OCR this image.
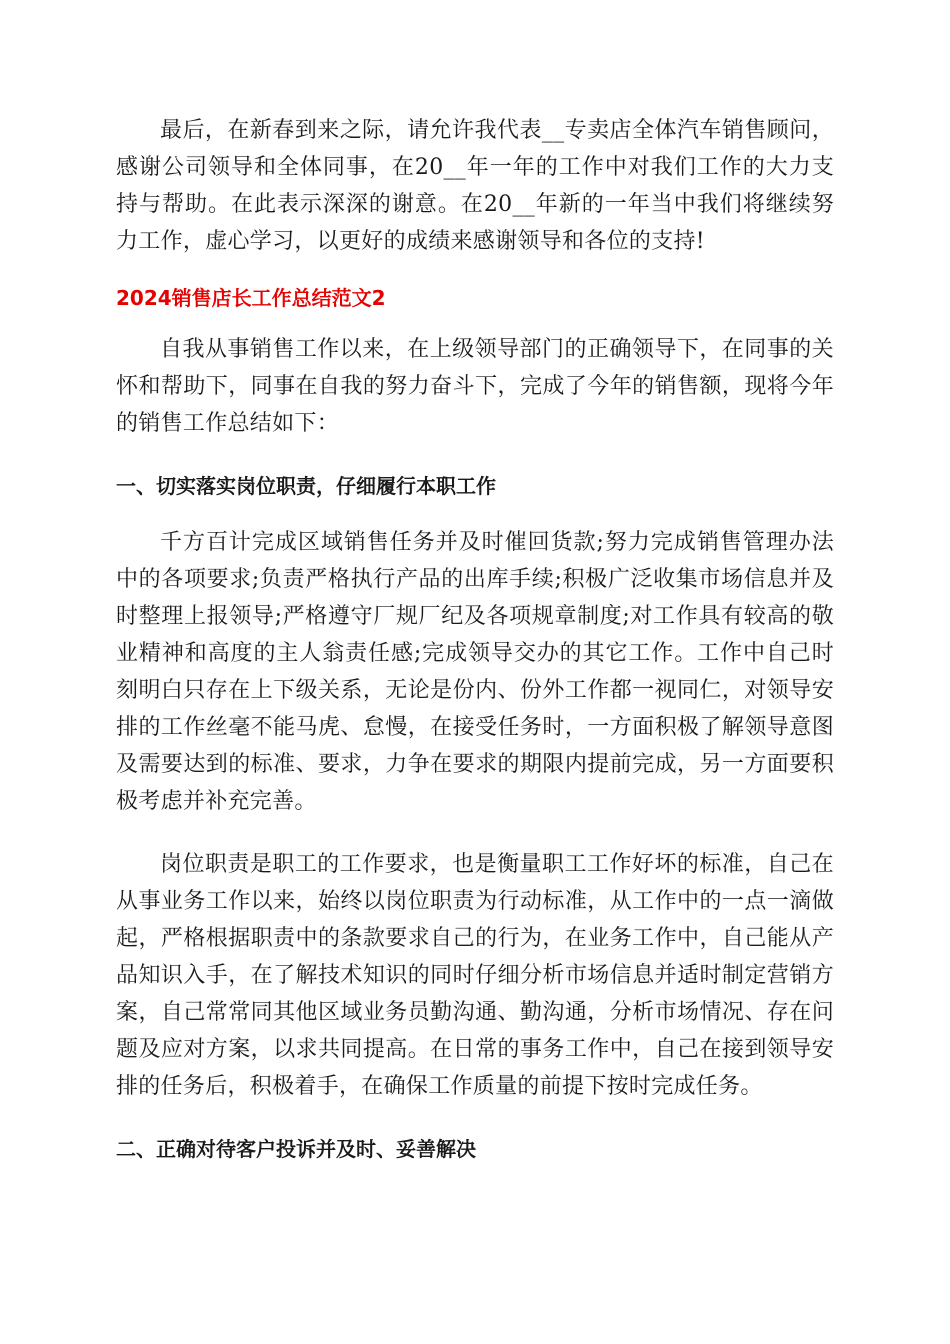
最后，在新春到来之际，请允许我代表__专卖店全体汽车销售顾问，感谢公司领导和全体同事，在20__年一年的工作中对我们工作的大力支持与帮助。在此表示深深的谢意。在20__年新的一年当中我们将继续努力工作，虚心学习，以更好的成绩来感谢领导和各位的支持!

2024销售店长工作总结范文2

自我从事销售工作以来，在上级领导部门的正确领导下，在同事的关怀和帮助下，同事在自我的努力奋斗下，完成了今年的销售额，现将今年的销售工作总结如下：

一、切实落实岗位职责，仔细履行本职工作

千方百计完成区域销售任务并及时催回货款;努力完成销售管理办法中的各项要求;负责严格执行产品的出库手续;积极广泛收集市场信息并及时整理上报领导;严格遵守厂规厂纪及各项规章制度;对工作具有较高的敬业精神和高度的主人翁责任感;完成领导交办的其它工作。工作中自己时刻明白只存在上下级关系，无论是份内、份外工作都一视同仁，对领导安排的工作丝毫不能马虎、怠慢，在接受任务时，一方面积极了解领导意图及需要达到的标准、要求，力争在要求的期限内提前完成，另一方面要积极考虑并补充完善。

岗位职责是职工的工作要求，也是衡量职工工作好坏的标准，自己在从事业务工作以来，始终以岗位职责为行动标准，从工作中的一点一滴做起，严格根据职责中的条款要求自己的行为，在业务工作中，自己能从产品知识入手，在了解技术知识的同时仔细分析市场信息并适时制定营销方案，自己常常同其他区域业务员勤沟通、勤沟通，分析市场情况、存在问题及应对方案，以求共同提高。在日常的事务工作中，自己在接到领导安排的任务后，积极着手，在确保工作质量的前提下按时完成任务。

二、正确对待客户投诉并及时、妥善解决
